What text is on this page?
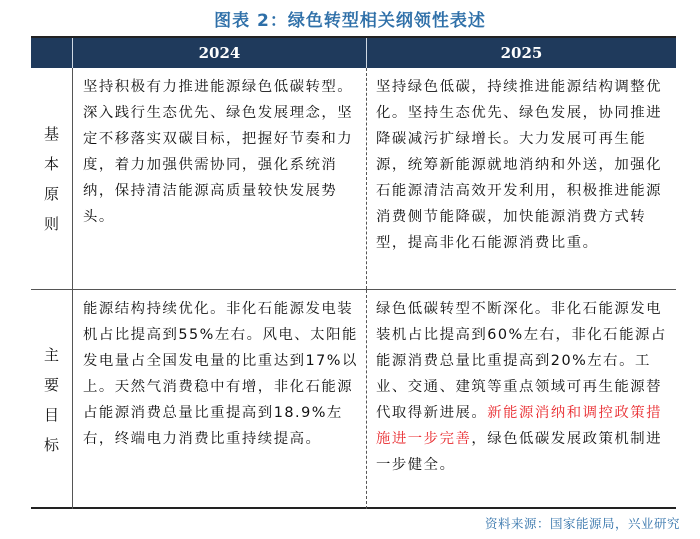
图表 2：绿色转型相关纲领性表述
2024	2025
基本原则
坚持积极有力推进能源绿色低碳转型。深入践行生态优先、绿色发展理念，坚定不移落实双碳目标，把握好节奏和力度，着力加强供需协同，强化系统消纳，保持清洁能源高质量较快发展势头。
坚持绿色低碳，持续推进能源结构调整优化。坚持生态优先、绿色发展，协同推进降碳减污扩绿增长。大力发展可再生能源，统筹新能源就地消纳和外送，加强化石能源清洁高效开发利用，积极推进能源消费侧节能降碳，加快能源消费方式转型，提高非化石能源消费比重。
主要目标
能源结构持续优化。非化石能源发电装机占比提高到55%左右。风电、太阳能发电量占全国发电量的比重达到17%以上。天然气消费稳中有增，非化石能源占能源消费总量比重提高到18.9%左右，终端电力消费比重持续提高。
绿色低碳转型不断深化。非化石能源发电装机占比提高到60%左右，非化石能源占能源消费总量比重提高到20%左右。工业、交通、建筑等重点领域可再生能源替代取得新进展。新能源消纳和调控政策措施进一步完善，绿色低碳发展政策机制进一步健全。
资料来源：国家能源局，兴业研究
